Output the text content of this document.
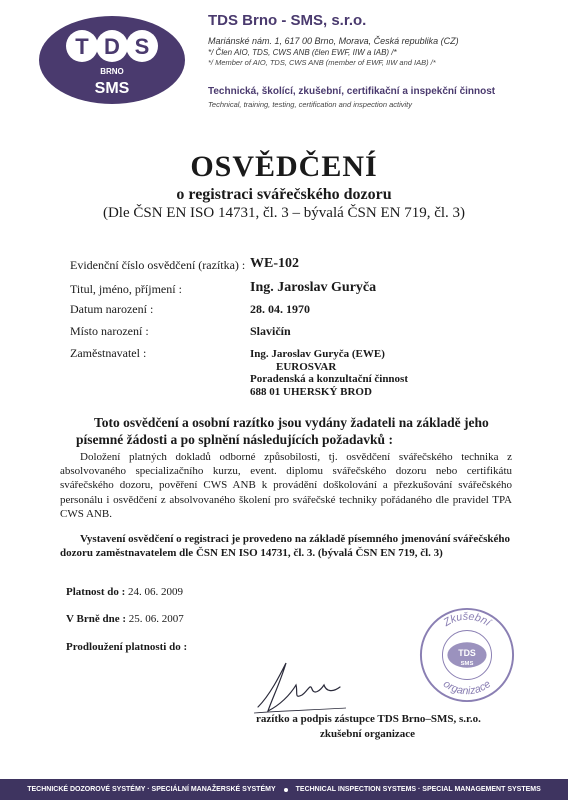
T D S
BRNO
SMS
TDS Brno - SMS, s.r.o.
Mariánské nám. 1, 617 00 Brno, Morava, Česká republika (CZ)
*/ Člen AIO, TDS, CWS ANB (člen EWF, IIW a IAB) /*
*/ Member of AIO, TDS, CWS ANB (member of EWF, IIW and IAB) /*
Technická, školící, zkušební, certifikační a inspekční činnost
Technical, training, testing, certification and inspection activity
OSVĚDČENÍ
o registraci svářečského dozoru
(Dle ČSN EN ISO 14731, čl. 3 – bývalá ČSN EN 719, čl. 3)
Evidenční číslo osvědčení (razítka) : WE-102
Titul, jméno, příjmení :	Ing. Jaroslav Guryča
Datum narození :	28. 04. 1970
Místo narození :	Slavičín
Zaměstnavatel :	Ing. Jaroslav Guryča (EWE)
EUROSVAR
Poradenská a konzultační činnost
688 01 UHERSKÝ BROD
Toto osvědčení a osobní razítko jsou vydány žadateli na základě jeho písemné žádosti a po splnění následujících požadavků :
Doložení platných dokladů odborné způsobilosti, tj. osvědčení svářečského technika z absolvovaného specializačního kurzu, event. diplomu svářečského dozoru nebo certifikátu svářečského dozoru, pověření CWS ANB k provádění doškolování a přezkušování svářečského personálu i osvědčení z absolvovaného školení pro svářečské techniky pořádaného dle pravidel TPA CWS ANB.
Vystavení osvědčení o registraci je provedeno na základě písemného jmenování svářečského dozoru zaměstnavatelem dle ČSN EN ISO 14731, čl. 3. (bývalá ČSN EN 719, čl. 3)
Platnost do : 24. 06. 2009
V Brně dne : 25. 06. 2007
Prodloužení platnosti do :
Zkušební
organizace
TDS
SMS
razítko a podpis zástupce TDS Brno–SMS, s.r.o.
zkušební organizace
TECHNICKÉ DOZOROVÉ SYSTÉMY · SPECIÁLNÍ MANAŽERSKÉ SYSTÉMY	TECHNICAL INSPECTION SYSTEMS · SPECIAL MANAGEMENT SYSTEMS
